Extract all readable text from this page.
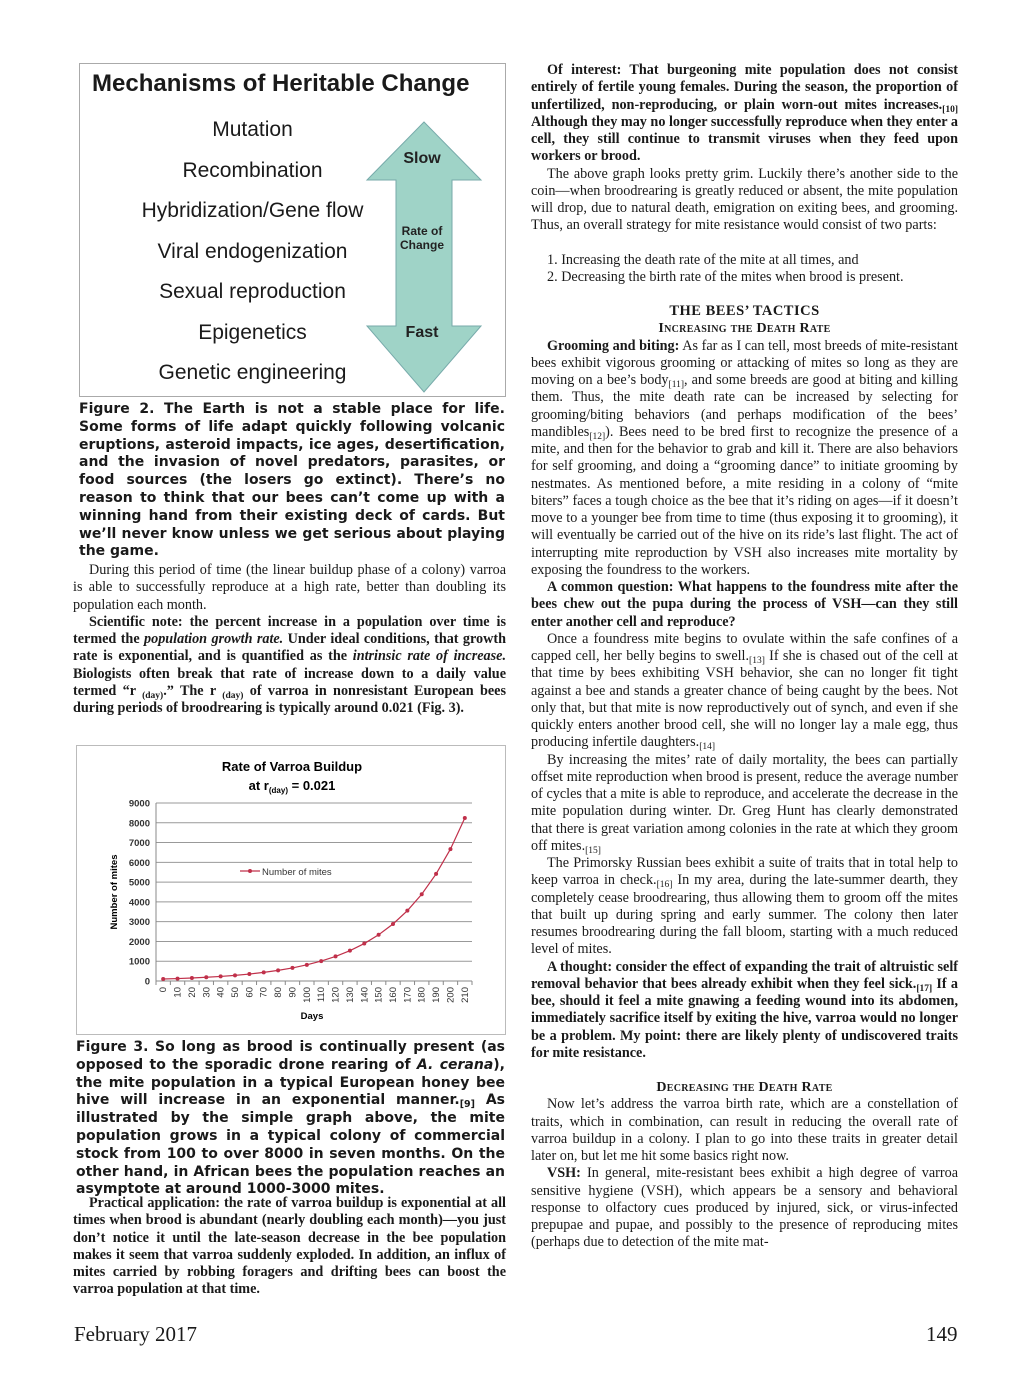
Mechanisms of Heritable Change
Mutation
Recombination
Hybridization/Gene flow
Viral endogenization
Sexual reproduction
Epigenetics
Genetic engineering
Slow
Rate of
Change
Fast
Figure 2. The Earth is not a stable place for life. Some forms of life adapt quickly following volcanic eruptions, asteroid impacts, ice ages, desertification, and the invasion of novel predators, parasites, or food sources (the losers go extinct). There’s no reason to think that our bees can’t come up with a winning hand from their existing deck of cards. But we’ll never know unless we get serious about playing the game.

During this period of time (the linear buildup phase of a colony) varroa is able to successfully reproduce at a high rate, better than doubling its population each month.

Scientific note: the percent increase in a population over time is termed the population growth rate. Under ideal conditions, that growth rate is exponential, and is quantified as the intrinsic rate of increase. Biologists often break that rate of increase down to a daily value termed “r $_{(day)}$.” The r $_{(day)}$ of varroa in nonresistant European bees during periods of broodrearing is typically around 0.021 (Fig. 3).

Rate of Varroa Buildup
at $r_{(day)} = 0.021$
0
1000
2000
3000
4000
5000
6000
7000
8000
9000
0 10 20 30 40 50 60 70 80 90 100 110 120 130 140 150 160 170 180 190 200 210
Number of mites
Days
Number of mites
Figure 3. So long as brood is continually present (as opposed to the sporadic drone rearing of A. cerana), the mite population in a typical European honey bee hive will increase in an exponential $manner._{[9]}$ As illustrated by the simple graph above, the mite population grows in a typical colony of commercial stock from 100 to over 8000 in seven months. On the other hand, in African bees the population reaches an asymptote at around 1000-3000 mites.

Practical application: the rate of varroa buildup is exponential at all times when brood is abundant (nearly doubling each month)—you just don’t notice it until the late-season decrease in the bee population makes it seem that varroa suddenly exploded. In addition, an influx of mites carried by robbing foragers and drifting bees can boost the varroa population at that time.

Of interest: That burgeoning mite population does not consist entirely of fertile young females. During the season, the proportion of unfertilized, non-reproducing, or plain worn-out mites $increases._{[10]}$ Although they may no longer successfully reproduce when they enter a cell, they still continue to transmit viruses when they feed upon workers or brood.

The above graph looks pretty grim. Luckily there’s another side to the coin—when broodrearing is greatly reduced or absent, the mite population will drop, due to natural death, emigration on exiting bees, and grooming. Thus, an overall strategy for mite resistance would consist of two parts:

1. Increasing the death rate of the mite at all times, and
2. Decreasing the birth rate of the mites when brood is present.
THE BEES’ TACTICS
Increasing the Death Rate

Grooming and biting: As far as I can tell, most breeds of mite-resistant bees exhibit vigorous grooming or attacking of mites so long as they are moving on a bee’s body$_{[11]}$, and some breeds are good at biting and killing them. Thus, the mite death rate can be increased by selecting for grooming/biting behaviors (and perhaps modification of the bees’ mandibles$_{[12]}$). Bees need to be bred first to recognize the presence of a mite, and then for the behavior to grab and kill it. There are also behaviors for self grooming, and doing a “grooming dance” to initiate grooming by nestmates. As mentioned before, a mite residing in a colony of “mite biters” faces a tough choice as the bee that it’s riding on ages—if it doesn’t move to a younger bee from time to time (thus exposing it to grooming), it will eventually be carried out of the hive on its ride’s last flight. The act of interrupting mite reproduction by VSH also increases mite mortality by exposing the foundress to the workers.

A common question: What happens to the foundress mite after the bees chew out the pupa during the process of VSH—can they still enter another cell and reproduce?

Once a foundress mite begins to ovulate within the safe confines of a capped cell, her belly begins to $swell._{[13]}$ If she is chased out of the cell at that time by bees exhibiting VSH behavior, she can no longer fit tight against a bee and stands a greater chance of being caught by the bees. Not only that, but that mite is now reproductively out of synch, and even if she quickly enters another brood cell, she will no longer lay a male egg, thus producing infertile $daughters._{[14]}$

By increasing the mites’ rate of daily mortality, the bees can partially offset mite reproduction when brood is present, reduce the average number of cycles that a mite is able to reproduce, and accelerate the decrease in the mite population during winter. Dr. Greg Hunt has clearly demonstrated that there is great variation among colonies in the rate at which they groom off $mites._{[15]}$

The Primorsky Russian bees exhibit a suite of traits that in total help to keep varroa in $check._{[16]}$ In my area, during the late-summer dearth, they completely cease broodrearing, thus allowing them to groom off the mites that built up during spring and early summer. The colony then later resumes broodrearing during the fall bloom, starting with a much reduced level of mites.

A thought: consider the effect of expanding the trait of altruistic self removal behavior that bees already exhibit when they feel $sick._{[17]}$ If a bee, should it feel a mite gnawing a feeding wound into its abdomen, immediately sacrifice itself by exiting the hive, varroa would no longer be a problem. My point: there are likely plenty of undiscovered traits for mite resistance.

Decreasing the Death Rate

Now let’s address the varroa birth rate, which are a constellation of traits, which in combination, can result in reducing the overall rate of varroa buildup in a colony. I plan to go into these traits in greater detail later on, but let me hit some basics right now.

VSH: In general, mite-resistant bees exhibit a high degree of varroa sensitive hygiene (VSH), which appears be a sensory and behavioral response to olfactory cues produced by injured, sick, or virus-infected prepupae and pupae, and possibly to the presence of reproducing mites (perhaps due to detection of the mite mat-

February 2017	149
